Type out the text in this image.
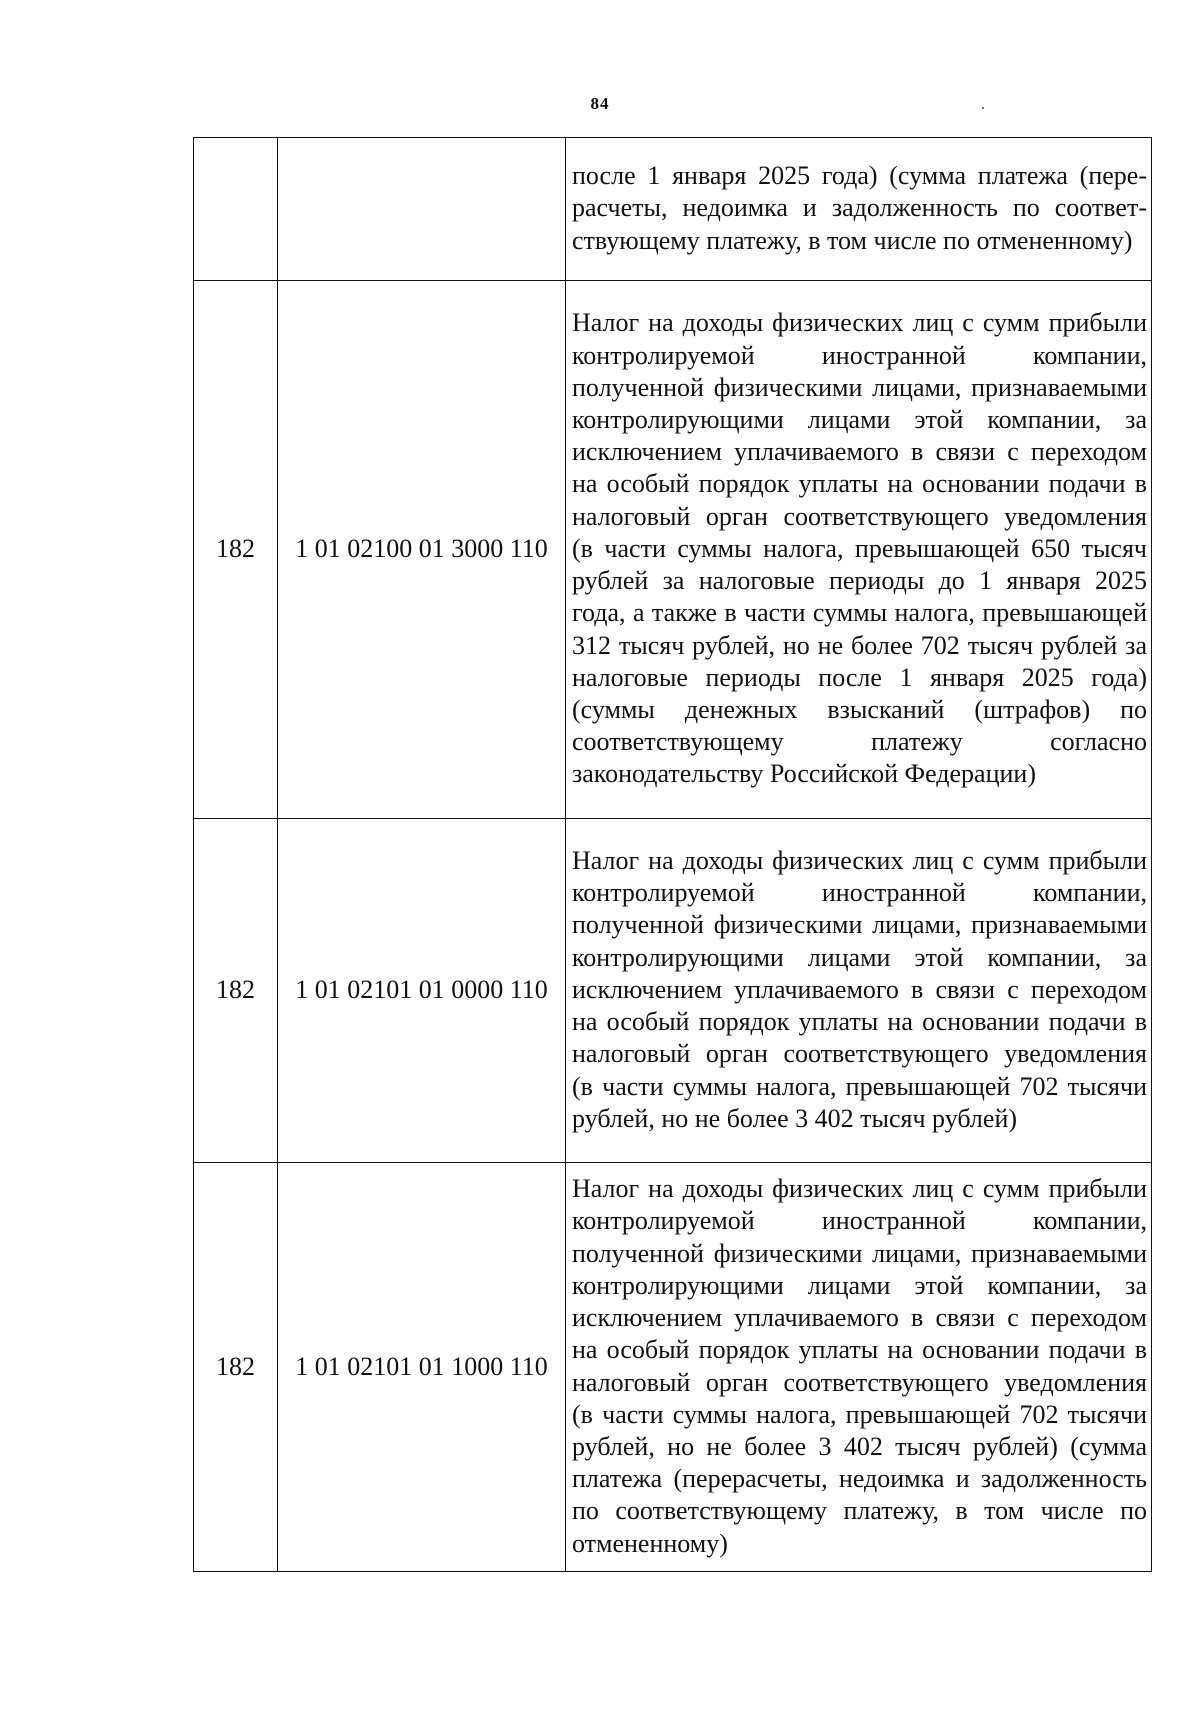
84
		после 1 января 2025 года) (сумма платежа (перерасчеты, недоимка и задолженность по соответствующему платежу, в том числе по отмененному)
182	1 01 02100 01 3000 110	Налог на доходы физических лиц с сумм прибыли контролируемой иностранной компании, полученной физическими лицами, признаваемыми контролирующими лицами этой компании, за исключением уплачиваемого в связи с переходом на особый порядок уплаты на основании подачи в налоговый орган соответствующего уведомления (в части суммы налога, превышающей 650 тысяч рублей за налоговые периоды до 1 января 2025 года, а также в части суммы налога, превышающей 312 тысяч рублей, но не более 702 тысяч рублей за налоговые периоды после 1 января 2025 года) (суммы денежных взысканий (штрафов) по соответствующему платежу согласно законодательству Российской Федерации)
182	1 01 02101 01 0000 110	Налог на доходы физических лиц с сумм прибыли контролируемой иностранной компании, полученной физическими лицами, признаваемыми контролирующими лицами этой компании, за исключением уплачиваемого в связи с переходом на особый порядок уплаты на основании подачи в налоговый орган соответствующего уведомления (в части суммы налога, превышающей 702 тысячи рублей, но не более 3 402 тысяч рублей)
182	1 01 02101 01 1000 110	Налог на доходы физических лиц с сумм прибыли контролируемой иностранной компании, полученной физическими лицами, признаваемыми контролирующими лицами этой компании, за исключением уплачиваемого в связи с переходом на особый порядок уплаты на основании подачи в налоговый орган соответствующего уведомления (в части суммы налога, превышающей 702 тысячи рублей, но не более 3 402 тысяч рублей) (сумма платежа (перерасчеты, недоимка и задолженность по соответствующему платежу, в том числе по отмененному)
